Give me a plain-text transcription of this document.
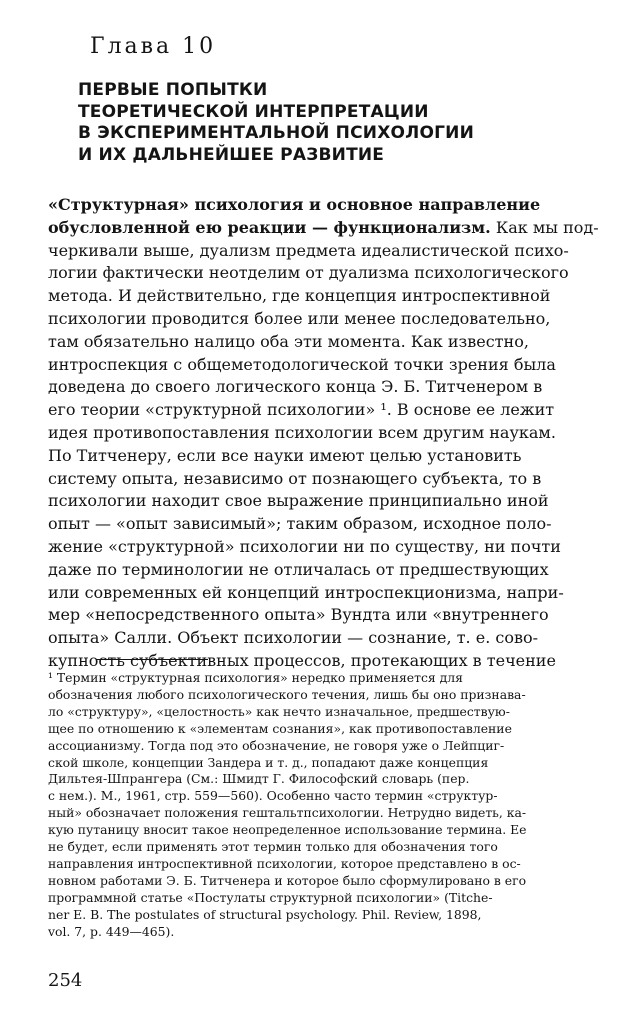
Глава 10
ПЕРВЫЕ ПОПЫТКИ
ТЕОРЕТИЧЕСКОЙ ИНТЕРПРЕТАЦИИ
В ЭКСПЕРИМЕНТАЛЬНОЙ ПСИХОЛОГИИ
И ИХ ДАЛЬНЕЙШЕЕ РАЗВИТИЕ
«Структурная» психология и основное направление
обусловленной ею реакции — функционализм. Как мы под-
черкивали выше, дуализм предмета идеалистической психо-
логии фактически неотделим от дуализма психологического
метода. И действительно, где концепция интроспективной
психологии проводится более или менее последовательно,
там обязательно налицо оба эти момента. Как известно,
интроспекция с общеметодологической точки зрения была
доведена до своего логического конца Э. Б. Титченером в
его теории «структурной психологии» ¹. В основе ее лежит
идея противопоставления психологии всем другим наукам.
По Титченеру, если все науки имеют целью установить
систему опыта, независимо от познающего субъекта, то в
психологии находит свое выражение принципиально иной
опыт — «опыт зависимый»; таким образом, исходное поло-
жение «структурной» психологии ни по существу, ни почти
даже по терминологии не отличалась от предшествующих
или современных ей концепций интроспекционизма, напри-
мер «непосредственного опыта» Вундта или «внутреннего
опыта» Салли. Объект психологии — сознание, т. е. сово-
купность субъективных процессов, протекающих в течение
¹ Термин «структурная психология» нередко применяется для
обозначения любого психологического течения, лишь бы оно признава-
ло «структуру», «целостность» как нечто изначальное, предшествую-
щее по отношению к «элементам сознания», как противопоставление
ассоцианизму. Тогда под это обозначение, не говоря уже о Лейпциг-
ской школе, концепции Зандера и т. д., попадают даже концепция
Дильтея-Шпрангера (См.: Шмидт Г. Философский словарь (пер.
с нем.). М., 1961, стр. 559—560). Особенно часто термин «структур-
ный» обозначает положения гештальтпсихологии. Нетрудно видеть, ка-
кую путаницу вносит такое неопределенное использование термина. Ее
не будет, если применять этот термин только для обозначения того
направления интроспективной психологии, которое представлено в ос-
новном работами Э. Б. Титченера и которое было сформулировано в его
программной статье «Постулаты структурной психологии» (Titche-
ner E. B. The postulates of structural psychology. Phil. Review, 1898,
vol. 7, p. 449—465).
254
